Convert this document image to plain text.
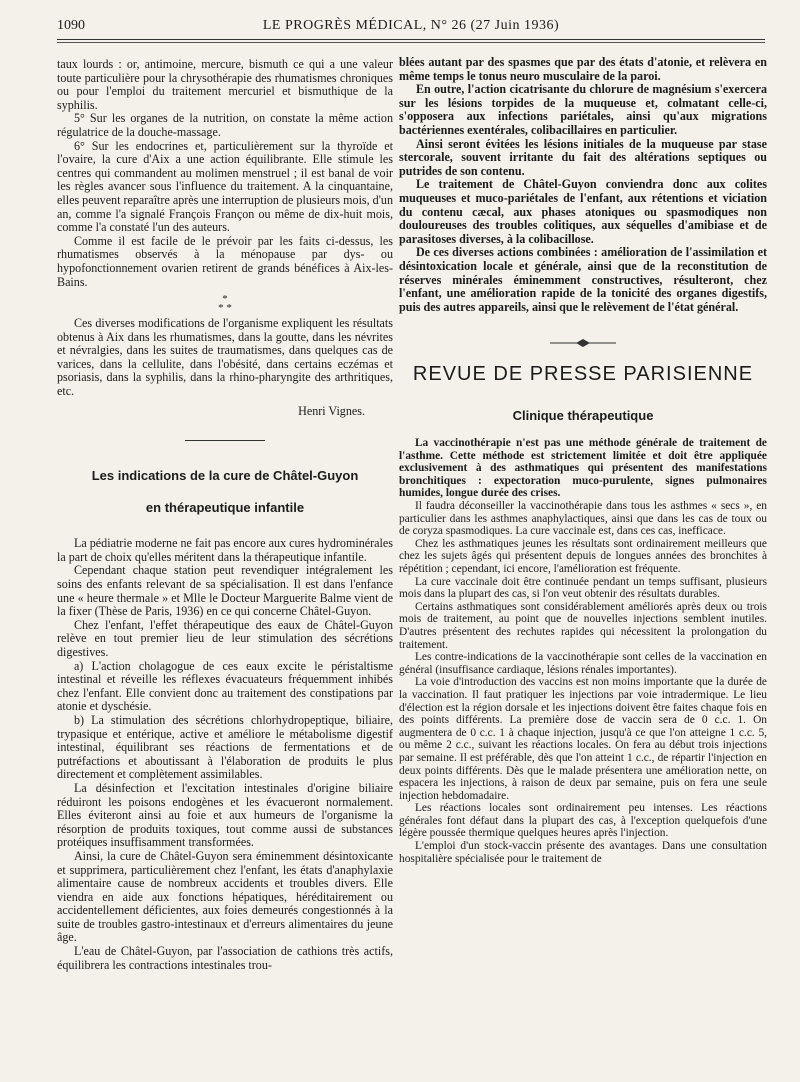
1090	LE PROGRÈS MÉDICAL, N° 26 (27 Juin 1936)

taux lourds : or, antimoine, mercure, bismuth ce qui a une valeur toute particulière pour la chrysothérapie des rhumatismes chroniques ou pour l'emploi du traitement mercuriel et bismuthique de la syphilis.

5° Sur les organes de la nutrition, on constate la même action régulatrice de la douche-massage.

6° Sur les endocrines et, particulièrement sur la thyroïde et l'ovaire, la cure d'Aix a une action équilibrante. Elle stimule les centres qui commandent au molimen menstruel ; il est banal de voir les règles avancer sous l'influence du traitement. A la cinquantaine, elles peuvent reparaître après une interruption de plusieurs mois, d'un an, comme l'a signalé François Françon ou même de dix-huit mois, comme l'a constaté l'un des auteurs.

Comme il est facile de le prévoir par les faits ci-dessus, les rhumatismes observés à la ménopause par dys- ou hypofonctionnement ovarien retirent de grands bénéfices à Aix-les-Bains.

*
* *

Ces diverses modifications de l'organisme expliquent les résultats obtenus à Aix dans les rhumatismes, dans la goutte, dans les névrites et névralgies, dans les suites de traumatismes, dans quelques cas de varices, dans la cellulite, dans l'obésité, dans certains eczémas et psoriasis, dans la syphilis, dans la rhino-pharyngite des arthritiques, etc.

Henri Vignes.
Les indications de la cure de Châtel-Guyon
en thérapeutique infantile

La pédiatrie moderne ne fait pas encore aux cures hydrominérales la part de choix qu'elles méritent dans la thérapeutique infantile.

Cependant chaque station peut revendiquer intégralement les soins des enfants relevant de sa spécialisation. Il est dans l'enfance une « heure thermale » et Mlle le Docteur Marguerite Balme vient de la fixer (Thèse de Paris, 1936) en ce qui concerne Châtel-Guyon.

Chez l'enfant, l'effet thérapeutique des eaux de Châtel-Guyon relève en tout premier lieu de leur stimulation des sécrétions digestives.

a) L'action cholagogue de ces eaux excite le péristaltisme intestinal et réveille les réflexes évacuateurs fréquemment inhibés chez l'enfant. Elle convient donc au traitement des constipations par atonie et dyschésie.

b) La stimulation des sécrétions chlorhydropeptique, biliaire, trypasique et entérique, active et améliore le métabolisme digestif intestinal, équilibrant ses réactions de fermentations et de putréfactions et aboutissant à l'élaboration de produits le plus directement et complètement assimilables.

La désinfection et l'excitation intestinales d'origine biliaire réduiront les poisons endogènes et les évacueront normalement. Elles éviteront ainsi au foie et aux humeurs de l'organisme la résorption de produits toxiques, tout comme aussi de substances protéiques insuffisamment transformées.

Ainsi, la cure de Châtel-Guyon sera éminemment désintoxicante et supprimera, particulièrement chez l'enfant, les états d'anaphylaxie alimentaire cause de nombreux accidents et troubles divers. Elle viendra en aide aux fonctions hépatiques, héréditairement ou accidentellement déficientes, aux foies demeurés congestionnés à la suite de troubles gastro-intestinaux et d'erreurs alimentaires du jeune âge.

L'eau de Châtel-Guyon, par l'association de cathions très actifs, équilibrera les contractions intestinales trou-

blées autant par des spasmes que par des états d'atonie, et relèvera en même temps le tonus neuro musculaire de la paroi.

En outre, l'action cicatrisante du chlorure de magnésium s'exercera sur les lésions torpides de la muqueuse et, colmatant celle-ci, s'opposera aux infections pariétales, ainsi qu'aux migrations bactériennes exentérales, colibacillaires en particulier.

Ainsi seront évitées les lésions initiales de la muqueuse par stase stercorale, souvent irritante du fait des altérations septiques ou putrides de son contenu.

Le traitement de Châtel-Guyon conviendra donc aux colites muqueuses et muco-pariétales de l'enfant, aux rétentions et viciation du contenu cæcal, aux phases atoniques ou spasmodiques non douloureuses des troubles colitiques, aux séquelles d'amibiase et de parasitoses diverses, à la colibacillose.

De ces diverses actions combinées : amélioration de l'assimilation et désintoxication locale et générale, ainsi que de la reconstitution de réserves minérales éminemment constructives, résulteront, chez l'enfant, une amélioration rapide de la tonicité des organes digestifs, puis des autres appareils, ainsi que le relèvement de l'état général.

REVUE DE PRESSE PARISIENNE
Clinique thérapeutique

La vaccinothérapie n'est pas une méthode générale de traitement de l'asthme. Cette méthode est strictement limitée et doit être appliquée exclusivement à des asthmatiques qui présentent des manifestations bronchitiques : expectoration muco-purulente, signes pulmonaires humides, longue durée des crises.

Il faudra déconseiller la vaccinothérapie dans tous les asthmes « secs », en particulier dans les asthmes anaphylactiques, ainsi que dans les cas de toux ou de coryza spasmodiques. La cure vaccinale est, dans ces cas, inefficace.

Chez les asthmatiques jeunes les résultats sont ordinairement meilleurs que chez les sujets âgés qui présentent depuis de longues années des bronchites à répétition ; cependant, ici encore, l'amélioration est fréquente.

La cure vaccinale doit être continuée pendant un temps suffisant, plusieurs mois dans la plupart des cas, si l'on veut obtenir des résultats durables.

Certains asthmatiques sont considérablement améliorés après deux ou trois mois de traitement, au point que de nouvelles injections semblent inutiles. D'autres présentent des rechutes rapides qui nécessitent la prolongation du traitement.

Les contre-indications de la vaccinothérapie sont celles de la vaccination en général (insuffisance cardiaque, lésions rénales importantes).

La voie d'introduction des vaccins est non moins importante que la durée de la vaccination. Il faut pratiquer les injections par voie intradermique. Le lieu d'élection est la région dorsale et les injections doivent être faites chaque fois en des points différents. La première dose de vaccin sera de 0 c.c. 1. On augmentera de 0 c.c. 1 à chaque injection, jusqu'à ce que l'on atteigne 1 c.c. 5, ou même 2 c.c., suivant les réactions locales. On fera au début trois injections par semaine. Il est préférable, dès que l'on atteint 1 c.c., de répartir l'injection en deux points différents. Dès que le malade présentera une amélioration nette, on espacera les injections, à raison de deux par semaine, puis on fera une seule injection hebdomadaire.

Les réactions locales sont ordinairement peu intenses. Les réactions générales font défaut dans la plupart des cas, à l'exception quelquefois d'une légère poussée thermique quelques heures après l'injection.

L'emploi d'un stock-vaccin présente des avantages. Dans une consultation hospitalière spécialisée pour le traitement de
